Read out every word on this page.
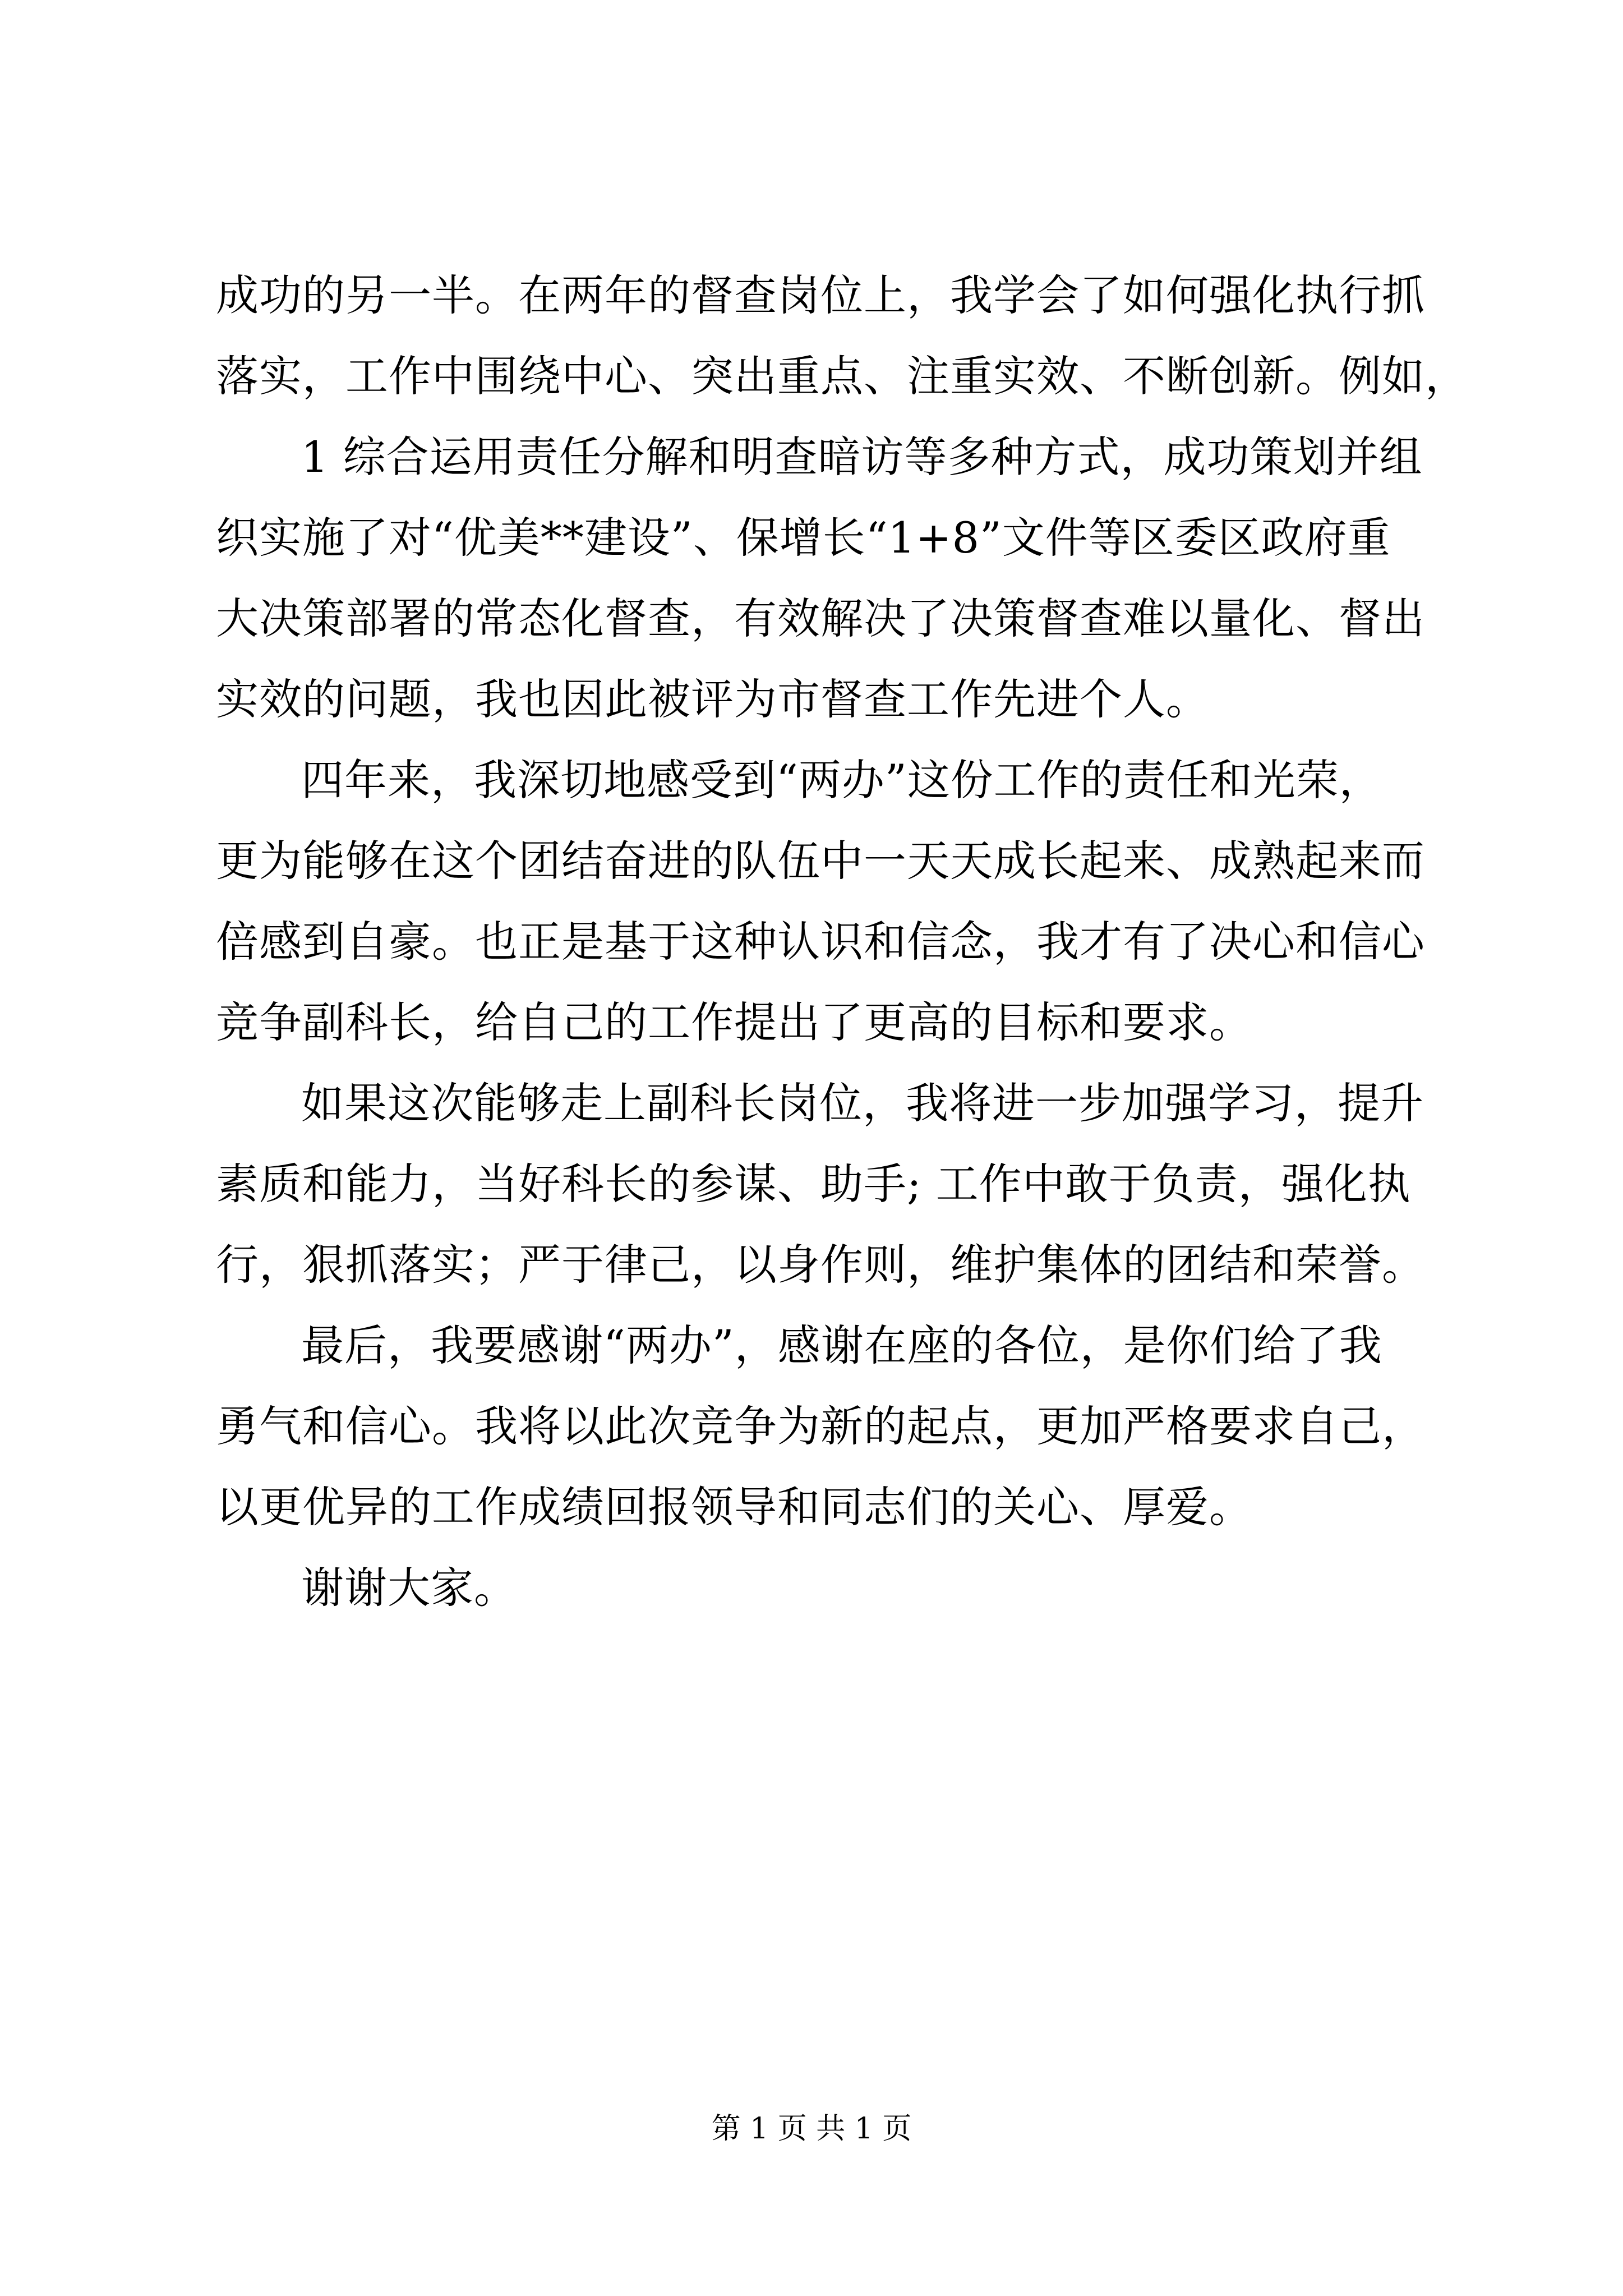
成功的另一半。在两年的督查岗位上，我学会了如何强化执行抓
落实，工作中围绕中心、突出重点、注重实效、不断创新。例如，
1 综合运用责任分解和明查暗访等多种方式，成功策划并组
织实施了对“优美**建设”、保增长“1+8”文件等区委区政府重
大决策部署的常态化督查，有效解决了决策督查难以量化、督出
实效的问题，我也因此被评为市督查工作先进个人。
四年来，我深切地感受到“两办”这份工作的责任和光荣，
更为能够在这个团结奋进的队伍中一天天成长起来、成熟起来而
倍感到自豪。也正是基于这种认识和信念，我才有了决心和信心
竞争副科长，给自己的工作提出了更高的目标和要求。
如果这次能够走上副科长岗位，我将进一步加强学习，提升
素质和能力，当好科长的参谋、助手; 工作中敢于负责，强化执
行，狠抓落实；严于律己，以身作则，维护集体的团结和荣誉。
最后，我要感谢“两办”，感谢在座的各位，是你们给了我
勇气和信心。我将以此次竞争为新的起点，更加严格要求自己，
以更优异的工作成绩回报领导和同志们的关心、厚爱。
谢谢大家。
第 1 页 共 1 页
